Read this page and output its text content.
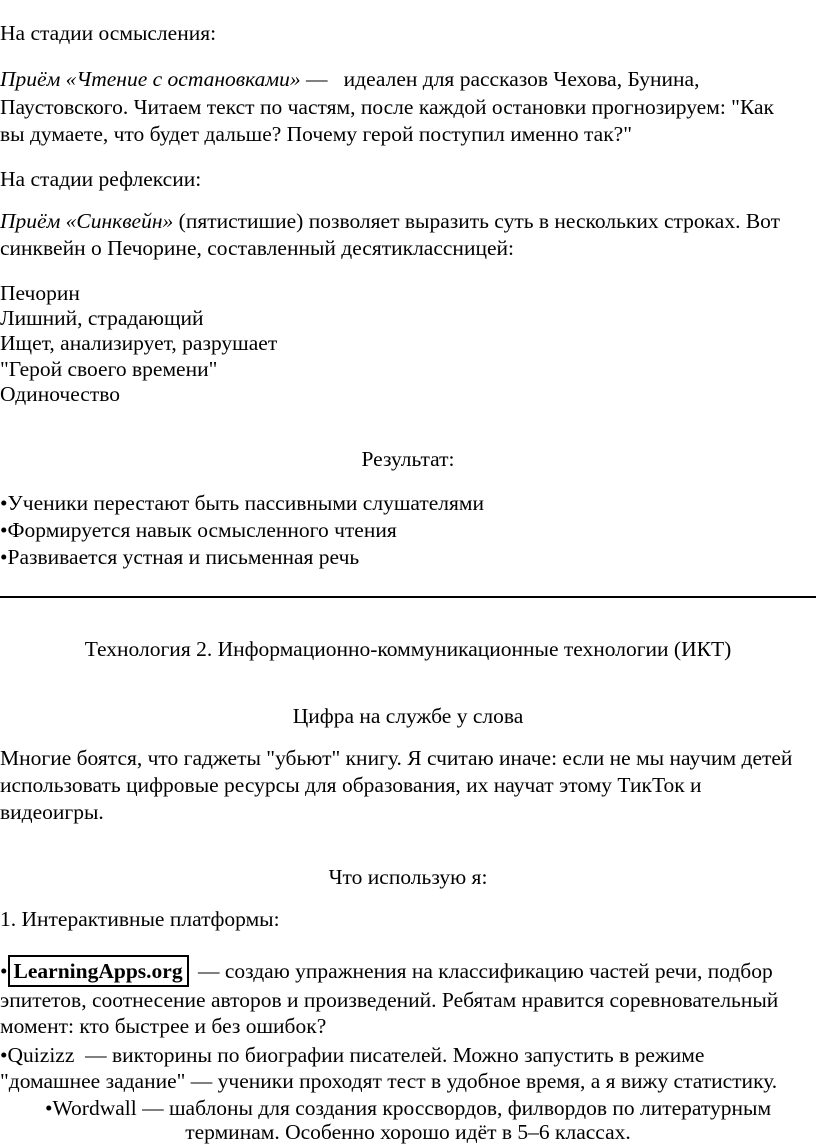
На стадии осмысления:
Приём «Чтение с остановками» — идеален для рассказов Чехова, Бунина,
Паустовского. Читаем текст по частям, после каждой остановки прогнозируем: "Как
вы думаете, что будет дальше? Почему герой поступил именно так?"
На стадии рефлексии:
Приём «Синквейн» (пятистишие) позволяет выразить суть в нескольких строках. Вот
синквейн о Печорине, составленный десятиклассницей:
Печорин
Лишний, страдающий
Ищет, анализирует, разрушает
"Герой своего времени"
Одиночество
Результат:
•Ученики перестают быть пассивными слушателями
•Формируется навык осмысленного чтения
•Развивается устная и письменная речь
Технология 2. Информационно-коммуникационные технологии (ИКТ)
Цифра на службе у слова
Многие боятся, что гаджеты "убьют" книгу. Я считаю иначе: если не мы научим детей
использовать цифровые ресурсы для образования, их научат этому ТикТок и
видеоигры.
Что использую я:
1. Интерактивные платформы:
• LearningApps.org — создаю упражнения на классификацию частей речи, подбор
эпитетов, соотнесение авторов и произведений. Ребятам нравится соревновательный
момент: кто быстрее и без ошибок?
•Quizizz — викторины по биографии писателей. Можно запустить в режиме
"домашнее задание" — ученики проходят тест в удобное время, а я вижу статистику.
•Wordwall — шаблоны для создания кроссвордов, филвордов по литературным
терминам. Особенно хорошо идёт в 5–6 классах.
